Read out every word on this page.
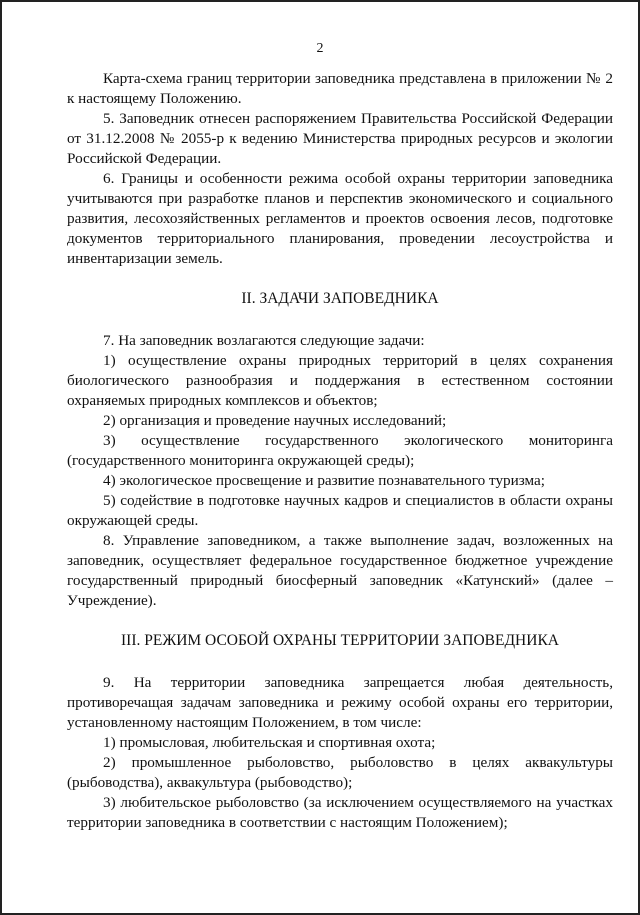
2

Карта-схема границ территории заповедника представлена в приложении № 2 к настоящему Положению.

5. Заповедник отнесен распоряжением Правительства Российской Федерации от 31.12.2008 № 2055-р к ведению Министерства природных ресурсов и экологии Российской Федерации.

6. Границы и особенности режима особой охраны территории заповедника учитываются при разработке планов и перспектив экономического и социального развития, лесохозяйственных регламентов и проектов освоения лесов, подготовке документов территориального планирования, проведении лесоустройства и инвентаризации земель.

II. ЗАДАЧИ ЗАПОВЕДНИКА

7. На заповедник возлагаются следующие задачи:

1) осуществление охраны природных территорий в целях сохранения биологического разнообразия и поддержания в естественном состоянии охраняемых природных комплексов и объектов;

2) организация и проведение научных исследований;

3) осуществление государственного экологического мониторинга (государственного мониторинга окружающей среды);

4) экологическое просвещение и развитие познавательного туризма;

5) содействие в подготовке научных кадров и специалистов в области охраны окружающей среды.

8. Управление заповедником, а также выполнение задач, возложенных на заповедник, осуществляет федеральное государственное бюджетное учреждение государственный природный биосферный заповедник «Катунский» (далее – Учреждение).

III. РЕЖИМ ОСОБОЙ ОХРАНЫ ТЕРРИТОРИИ ЗАПОВЕДНИКА

9. На территории заповедника запрещается любая деятельность, противоречащая задачам заповедника и режиму особой охраны его территории, установленному настоящим Положением, в том числе:

1) промысловая, любительская и спортивная охота;

2) промышленное рыболовство, рыболовство в целях аквакультуры (рыбоводства), аквакультура (рыбоводство);

3) любительское рыболовство (за исключением осуществляемого на участках территории заповедника в соответствии с настоящим Положением);
